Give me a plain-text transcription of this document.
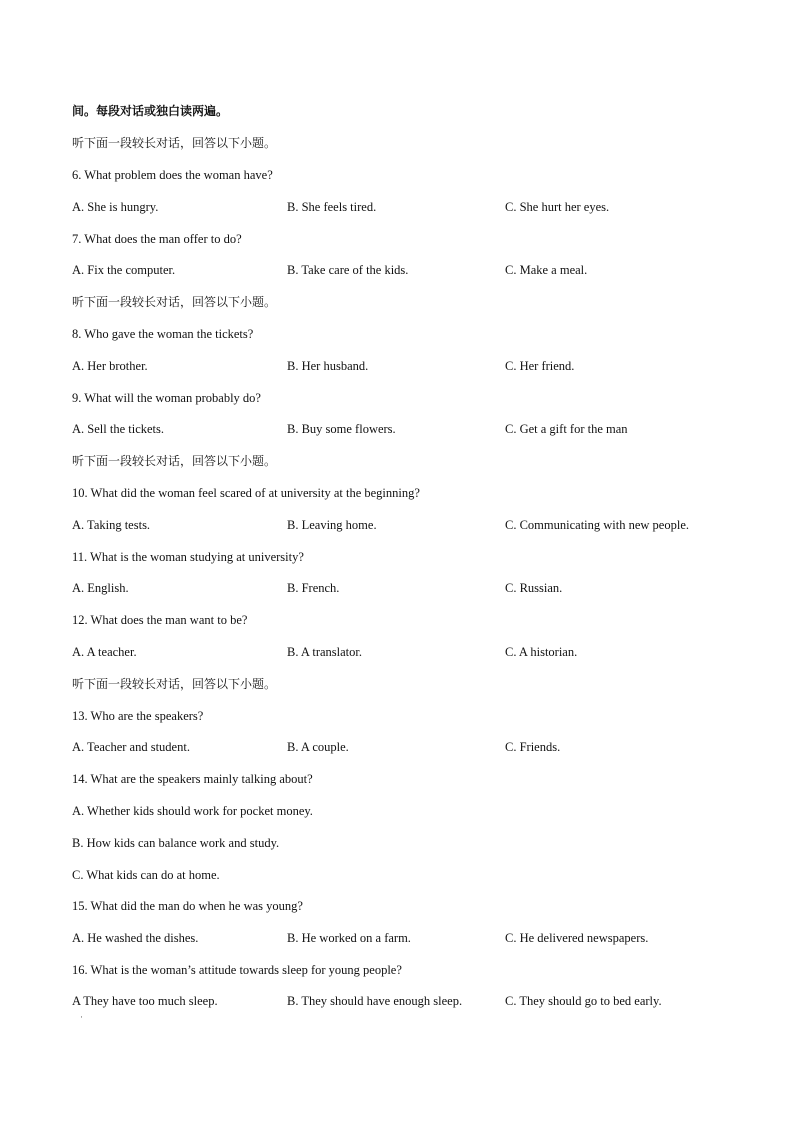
间。每段对话或独白读两遍。
听下面一段较长对话，回答以下小题。
6. What problem does the woman have?
A. She is hungry.	B. She feels tired.	C. She hurt her eyes.
7. What does the man offer to do?
A. Fix the computer.	B. Take care of the kids.	C. Make a meal.
听下面一段较长对话，回答以下小题。
8. Who gave the woman the tickets?
A. Her brother.	B. Her husband.	C. Her friend.
9. What will the woman probably do?
A. Sell the tickets.	B. Buy some flowers.	C. Get a gift for the man
听下面一段较长对话，回答以下小题。
10. What did the woman feel scared of at university at the beginning?
A. Taking tests.	B. Leaving home.	C. Communicating with new people.
11. What is the woman studying at university?
A. English.	B. French.	C. Russian.
12. What does the man want to be?
A. A teacher.	B. A translator.	C. A historian.
听下面一段较长对话，回答以下小题。
13. Who are the speakers?
A. Teacher and student.	B. A couple.	C. Friends.
14. What are the speakers mainly talking about?
A. Whether kids should work for pocket money.
B. How kids can balance work and study.
C. What kids can do at home.
15. What did the man do when he was young?
A. He washed the dishes.	B. He worked on a farm.	C. He delivered newspapers.
16. What is the woman’s attitude towards sleep for young people?
A They have too much sleep.	B. They should have enough sleep.	C. They should go to bed early.
·
